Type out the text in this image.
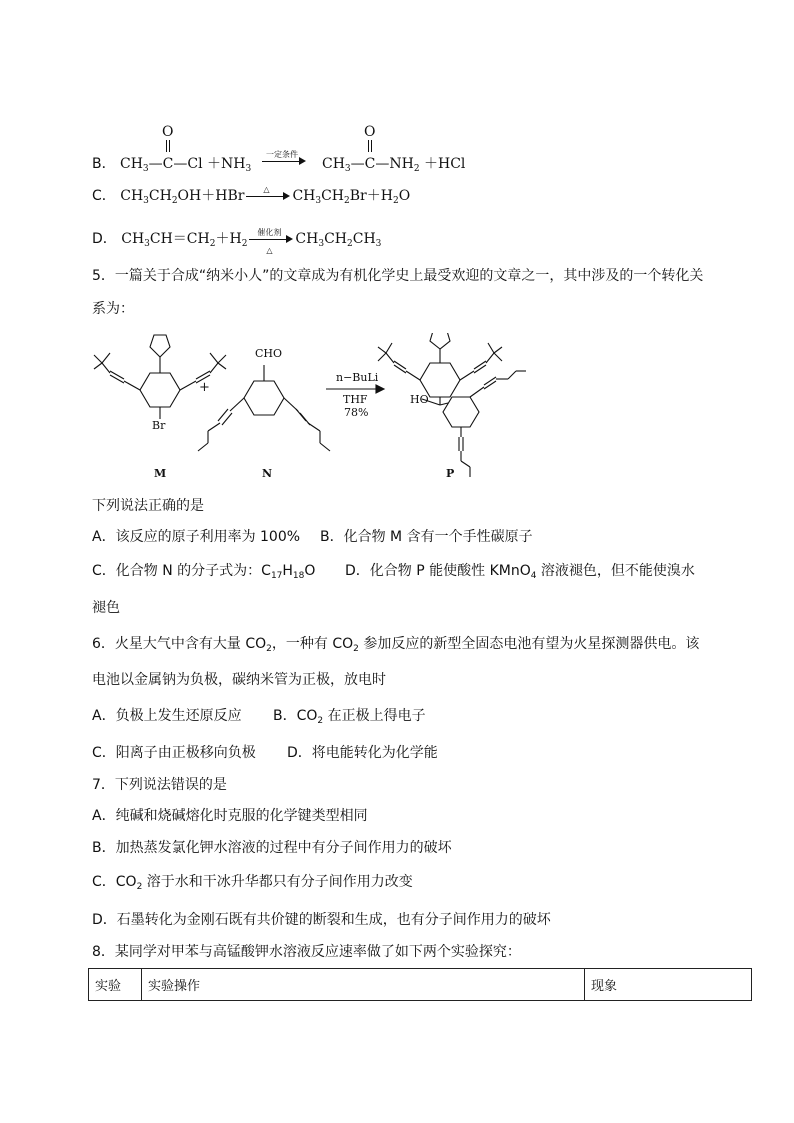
B． $CH_3—C—Cl$
O
$+NH_3$
一定条件
$CH_3—C—NH_2$
O
＋HCl
C． $CH_3CH_2OH+HBr$	△	$CH_3CH_2Br+H_2O$
D． $CH_3CH=CH_2+H_2$
催化剂
△
$CH_3CH_2CH_3$
5．一篇关于合成“纳米小人”的文章成为有机化学史上最受欢迎的文章之一，其中涉及的一个转化关
系为：
CHO
Br
+
n−BuLi
THF
78%
HO
M	N	P
下列说法正确的是
A．该反应的原子利用率为 100% B．化合物 M 含有一个手性碳原子
C．化合物 N 的分子式为：$C_{17}H_{18}O$ D．化合物 P 能使酸性 KMnO$_4$ 溶液褪色，但不能使溴水
褪色
6．火星大气中含有大量 $CO_2$，一种有 $CO_2$ 参加反应的新型全固态电池有望为火星探测器供电。该
电池以金属钠为负极，碳纳米管为正极，放电时
A．负极上发生还原反应 B．$CO_2$ 在正极上得电子
C．阳离子由正极移向负极 D．将电能转化为化学能
7．下列说法错误的是
A．纯碱和烧碱熔化时克服的化学键类型相同
B．加热蒸发氯化钾水溶液的过程中有分子间作用力的破坏
C．$CO_2$ 溶于水和干冰升华都只有分子间作用力改变
D．石墨转化为金刚石既有共价键的断裂和生成，也有分子间作用力的破坏
8．某同学对甲苯与高锰酸钾水溶液反应速率做了如下两个实验探究：
实验	实验操作	现象
